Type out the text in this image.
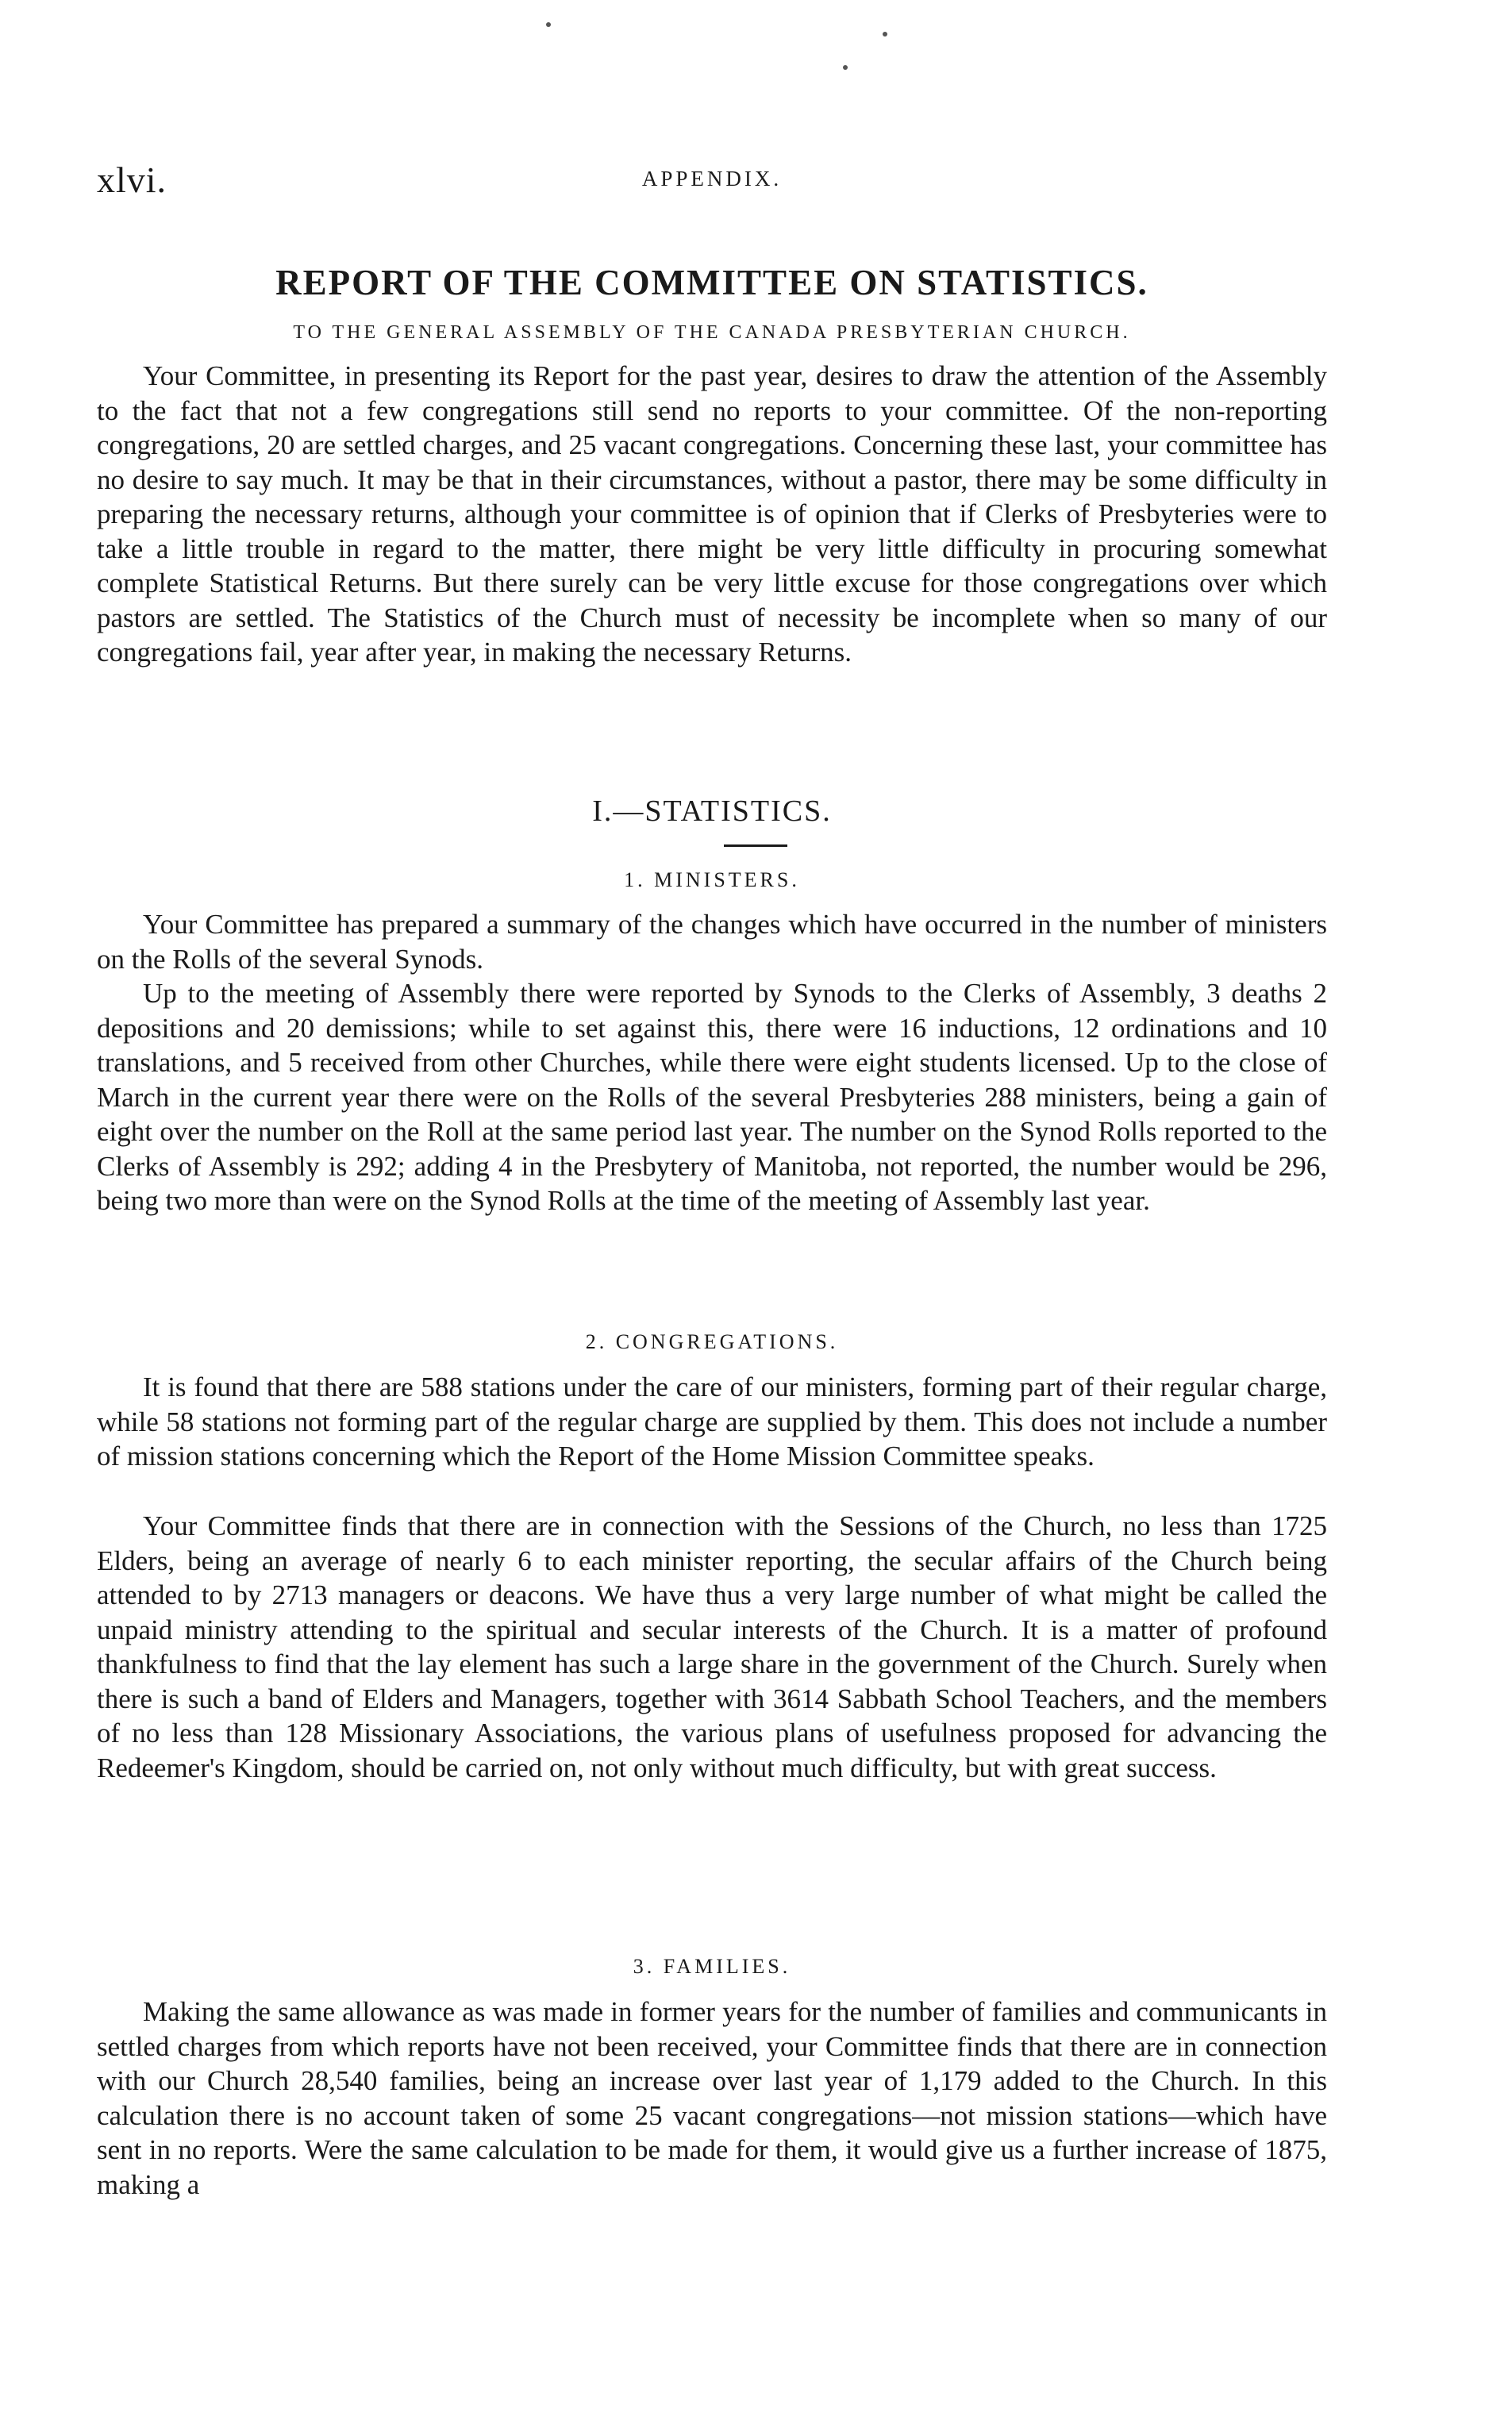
xlvi.	APPENDIX.
REPORT OF THE COMMITTEE ON STATISTICS.
TO THE GENERAL ASSEMBLY OF THE CANADA PRESBYTERIAN CHURCH.

Your Committee, in presenting its Report for the past year, desires to draw the attention of the Assembly to the fact that not a few congregations still send no reports to your committee. Of the non-reporting congregations, 20 are settled charges, and 25 vacant congregations. Concerning these last, your committee has no desire to say much. It may be that in their circumstances, without a pastor, there may be some difficulty in preparing the necessary returns, although your committee is of opinion that if Clerks of Presbyteries were to take a little trouble in regard to the matter, there might be very little difficulty in procuring somewhat complete Statistical Returns. But there surely can be very little excuse for those congregations over which pastors are settled. The Statistics of the Church must of necessity be incomplete when so many of our congregations fail, year after year, in making the necessary Returns.

I.—STATISTICS.
1. MINISTERS.

Your Committee has prepared a summary of the changes which have occurred in the number of ministers on the Rolls of the several Synods.

Up to the meeting of Assembly there were reported by Synods to the Clerks of Assembly, 3 deaths 2 depositions and 20 demissions; while to set against this, there were 16 inductions, 12 ordinations and 10 translations, and 5 received from other Churches, while there were eight students licensed. Up to the close of March in the current year there were on the Rolls of the several Presbyteries 288 ministers, being a gain of eight over the number on the Roll at the same period last year. The number on the Synod Rolls reported to the Clerks of Assembly is 292; adding 4 in the Presbytery of Manitoba, not reported, the number would be 296, being two more than were on the Synod Rolls at the time of the meeting of Assembly last year.

2. CONGREGATIONS.

It is found that there are 588 stations under the care of our ministers, forming part of their regular charge, while 58 stations not forming part of the regular charge are supplied by them. This does not include a number of mission stations concerning which the Report of the Home Mission Committee speaks.

Your Committee finds that there are in connection with the Sessions of the Church, no less than 1725 Elders, being an average of nearly 6 to each minister reporting, the secular affairs of the Church being attended to by 2713 managers or deacons. We have thus a very large number of what might be called the unpaid ministry attending to the spiritual and secular interests of the Church. It is a matter of profound thankfulness to find that the lay element has such a large share in the government of the Church. Surely when there is such a band of Elders and Managers, together with 3614 Sabbath School Teachers, and the members of no less than 128 Missionary Associations, the various plans of usefulness proposed for advancing the Redeemer's Kingdom, should be carried on, not only without much difficulty, but with great success.

3. FAMILIES.

Making the same allowance as was made in former years for the number of families and communicants in settled charges from which reports have not been received, your Committee finds that there are in connection with our Church 28,540 families, being an increase over last year of 1,179 added to the Church. In this calculation there is no account taken of some 25 vacant congregations—not mission stations—which have sent in no reports. Were the same calculation to be made for them, it would give us a further increase of 1875, making a
